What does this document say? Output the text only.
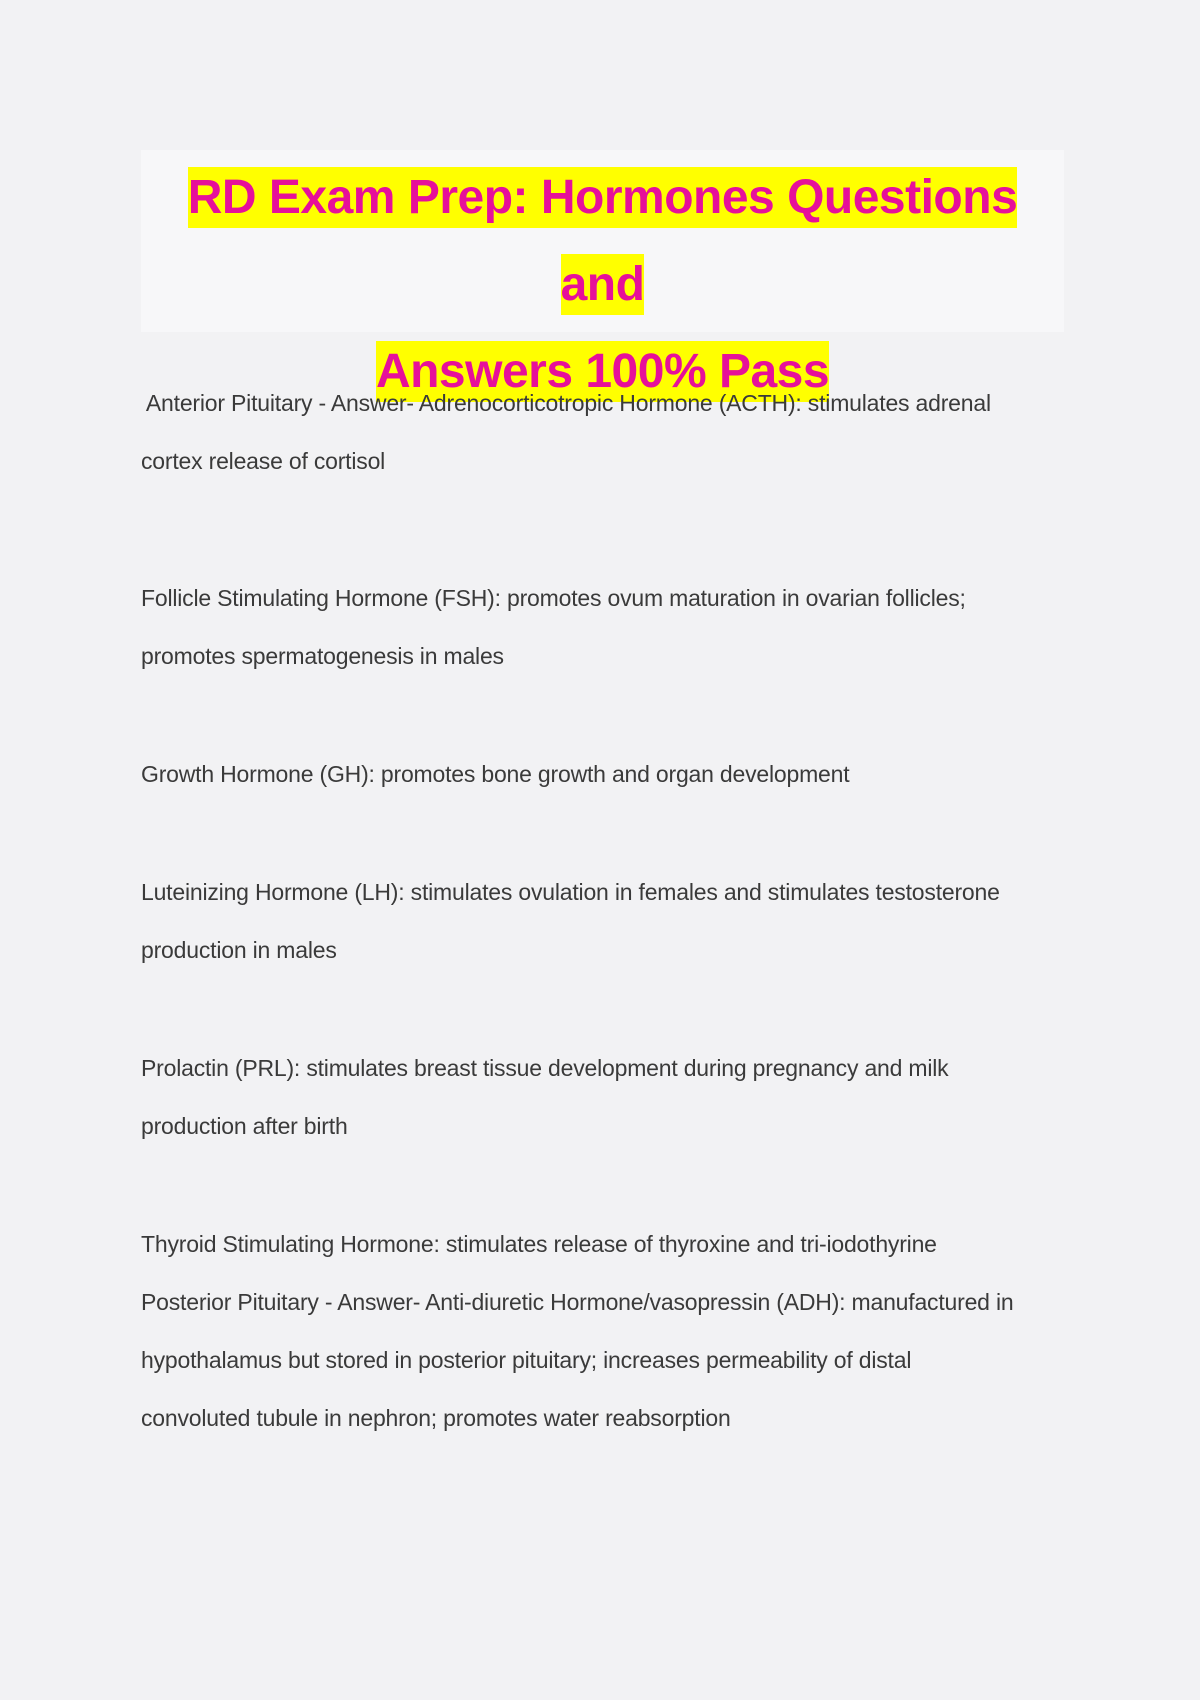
RD Exam Prep: Hormones Questions and
Answers 100% Pass

Anterior Pituitary - Answer- Adrenocorticotropic Hormone (ACTH): stimulates adrenal

cortex release of cortisol

Follicle Stimulating Hormone (FSH): promotes ovum maturation in ovarian follicles;

promotes spermatogenesis in males

Growth Hormone (GH): promotes bone growth and organ development

Luteinizing Hormone (LH): stimulates ovulation in females and stimulates testosterone

production in males

Prolactin (PRL): stimulates breast tissue development during pregnancy and milk

production after birth

Thyroid Stimulating Hormone: stimulates release of thyroxine and tri-iodothyrine

Posterior Pituitary - Answer- Anti-diuretic Hormone/vasopressin (ADH): manufactured in

hypothalamus but stored in posterior pituitary; increases permeability of distal

convoluted tubule in nephron; promotes water reabsorption
